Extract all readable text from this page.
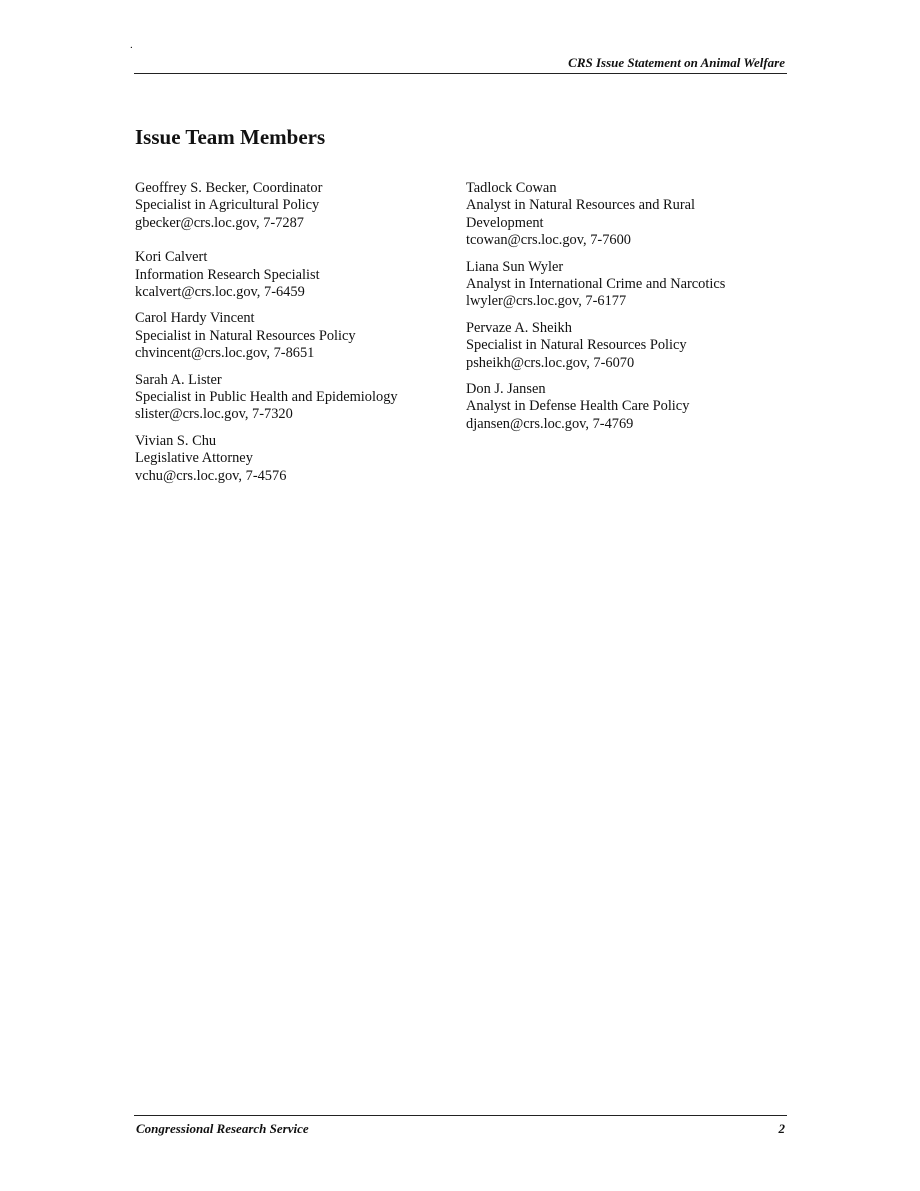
.
CRS Issue Statement on Animal Welfare
Issue Team Members
Geoffrey S. Becker, Coordinator
Specialist in Agricultural Policy
gbecker@crs.loc.gov, 7-7287
Kori Calvert
Information Research Specialist
kcalvert@crs.loc.gov, 7-6459
Carol Hardy Vincent
Specialist in Natural Resources Policy
chvincent@crs.loc.gov, 7-8651
Sarah A. Lister
Specialist in Public Health and Epidemiology
slister@crs.loc.gov, 7-7320
Vivian S. Chu
Legislative Attorney
vchu@crs.loc.gov, 7-4576
Tadlock Cowan
Analyst in Natural Resources and Rural Development
tcowan@crs.loc.gov, 7-7600
Liana Sun Wyler
Analyst in International Crime and Narcotics
lwyler@crs.loc.gov, 7-6177
Pervaze A. Sheikh
Specialist in Natural Resources Policy
psheikh@crs.loc.gov, 7-6070
Don J. Jansen
Analyst in Defense Health Care Policy
djansen@crs.loc.gov, 7-4769
Congressional Research Service	2
